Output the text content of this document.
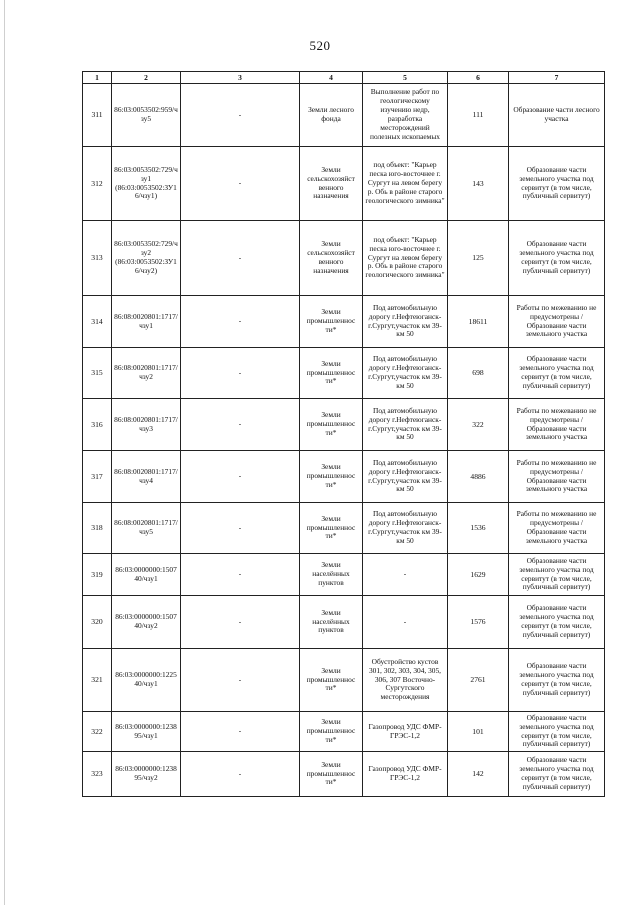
520
1	2	3	4	5	6	7
311	86:03:0053502:959/ч зу5	-	Земли лесного фонда	Выполнение работ по геологическому изучению недр, разработка месторождений полезных ископаемых	111	Образование части лесного участка
312	86:03:0053502:729/ч зу1 (86:03:0053502:ЗУ1 6/чзу1)	-	Земли сельскохозяйст венного назначения	под объект: "Карьер песка юго-восточнее г. Сургут на левом берегу р. Обь в районе старого геологического зимника"	143	Образование части земельного участка под сервитут (в том числе, публичный сервитут)
313	86:03:0053502:729/ч зу2 (86:03:0053502:ЗУ1 6/чзу2)	-	Земли сельскохозяйст венного назначения	под объект: "Карьер песка юго-восточнее г. Сургут на левом берегу р. Обь в районе старого геологического зимника"	125	Образование части земельного участка под сервитут (в том числе, публичный сервитут)
314	86:08:0020801:1717/ чзу1	-	Земли промышленнос ти*	Под автомобильную дорогу г.Нефтеюганск-г.Сургут,участок км 39-км 50	18611	Работы по межеванию не предусмотрены / Образование части земельного участка
315	86:08:0020801:1717/ чзу2	-	Земли промышленнос ти*	Под автомобильную дорогу г.Нефтеюганск-г.Сургут,участок км 39-км 50	698	Образование части земельного участка под сервитут (в том числе, публичный сервитут)
316	86:08:0020801:1717/ чзу3	-	Земли промышленнос ти*	Под автомобильную дорогу г.Нефтеюганск-г.Сургут,участок км 39-км 50	322	Работы по межеванию не предусмотрены / Образование части земельного участка
317	86:08:0020801:1717/ чзу4	-	Земли промышленнос ти*	Под автомобильную дорогу г.Нефтеюганск-г.Сургут,участок км 39-км 50	4886	Работы по межеванию не предусмотрены / Образование части земельного участка
318	86:08:0020801:1717/ чзу5	-	Земли промышленнос ти*	Под автомобильную дорогу г.Нефтеюганск-г.Сургут,участок км 39-км 50	1536	Работы по межеванию не предусмотрены / Образование части земельного участка
319	86:03:0000000:1507 40/чзу1	-	Земли населённых пунктов	-	1629	Образование части земельного участка под сервитут (в том числе, публичный сервитут)
320	86:03:0000000:1507 40/чзу2	-	Земли населённых пунктов	-	1576	Образование части земельного участка под сервитут (в том числе, публичный сервитут)
321	86:03:0000000:1225 40/чзу1	-	Земли промышленнос ти*	Обустройство кустов 301, 302, 303, 304, 305, 306, 307 Восточно-Сургутского месторождения	2761	Образование части земельного участка под сервитут (в том числе, публичный сервитут)
322	86:03:0000000:1238 95/чзу1	-	Земли промышленнос ти*	Газопровод УДС ФМР-ГРЭС-1,2	101	Образование части земельного участка под сервитут (в том числе, публичный сервитут)
323	86:03:0000000:1238 95/чзу2	-	Земли промышленнос ти*	Газопровод УДС ФМР-ГРЭС-1,2	142	Образование части земельного участка под сервитут (в том числе, публичный сервитут)
